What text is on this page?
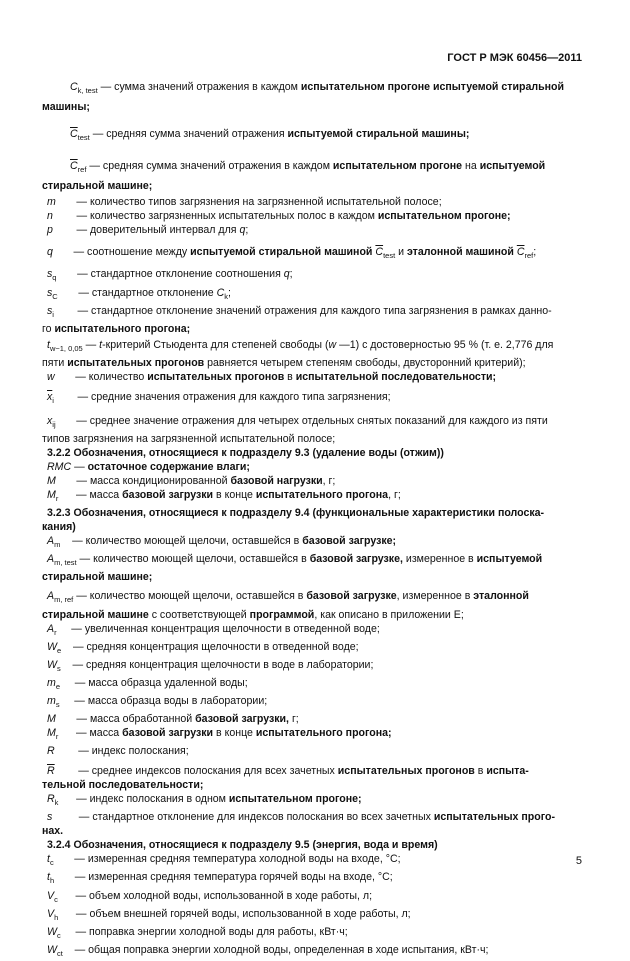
ГОСТ Р МЭК 60456—2011
$C_{k, test}$ — сумма значений отражения в каждом испытательном прогоне испытуемой стиральной
машины;
$\overline{C}_{test}$ — средняя сумма значений отражения испытуемой стиральной машины;
$\overline{C}_{ref}$ — средняя сумма значений отражения в каждом испытательном прогоне на испытуемой
стиральной машине;
m       — количество типов загрязнения на загрязненной испытательной полосе;
n        — количество загрязненных испытательных полос в каждом испытательном прогоне;
p        — доверительный интервал для q;
q       — соотношение между испытуемой стиральной машиной $\overline{C}_{test}$ и эталонной машиной $\overline{C}_{ref}$;
$s_q$       — стандартное отклонение соотношения q;
$s_C$       — стандартное отклонение $C_k$;
$s_i$        — стандартное отклонение значений отражения для каждого типа загрязнения в рамках данно-
го испытательного прогона;
$t_{w-1, 0,05}$ — t-критерий Стьюдента для степеней свободы (w —1) с достоверностью 95 % (т. е. 2,776 для
пяти испытательных прогонов равняется четырем степеням свободы, двусторонний критерий);
w       — количество испытательных прогонов в испытательной последовательности;
$\overline{x}_i$        — средние значения отражения для каждого типа загрязнения;
$x_{ij}$       — среднее значение отражения для четырех отдельных снятых показаний для каждого из пяти
типов загрязнения на загрязненной испытательной полосе;
3.2.2 Обозначения, относящиеся к подразделу 9.3 (удаление воды (отжим))
RMC — остаточное содержание влаги;
M       — масса кондиционированной базовой нагрузки, г;
$M_r$      — масса базовой загрузки в конце испытательного прогона, г;
3.2.3 Обозначения, относящиеся к подразделу 9.4 (функциональные характеристики полоска-
кания)
$A_m$    — количество моющей щелочи, оставшейся в базовой загрузке;
$A_{m, test}$ — количество моющей щелочи, оставшейся в базовой загрузке, измеренное в испытуемой
стиральной машине;
$A_{m, ref}$ — количество моющей щелочи, оставшейся в базовой загрузке, измеренное в эталонной
стиральной машине с соответствующей программой, как описано в приложении Е;
$A_r$     — увеличенная концентрация щелочности в отведенной воде;
$W_e$    — средняя концентрация щелочности в отведенной воде;
$W_s$    — средняя концентрация щелочности в воде в лаборатории;
$m_e$     — масса образца удаленной воды;
$m_s$     — масса образца воды в лаборатории;
M       — масса обработанной базовой загрузки, г;
$M_r$      — масса базовой загрузки в конце испытательного прогона;
R        — индекс полоскания;
$\overline{R}$        — среднее индексов полоскания для всех зачетных испытательных прогонов в испыта-
тельной последовательности;
$R_k$      — индекс полоскания в одном испытательном прогоне;
s         — стандартное отклонение для индексов полоскания во всех зачетных испытательных прого-
нах.
3.2.4 Обозначения, относящиеся к подразделу 9.5 (энергия, вода и время)
$t_c$       — измеренная средняя температура холодной воды на входе, °С;
$t_h$       — измеренная средняя температура горячей воды на входе, °С;
$V_c$      — объем холодной воды, использованной в ходе работы, л;
$V_h$      — объем внешней горячей воды, использованной в ходе работы, л;
$W_c$     — поправка энергии холодной воды для работы, кВт·ч;
$W_{ct}$    — общая поправка энергии холодной воды, определенная в ходе испытания, кВт·ч;
5
